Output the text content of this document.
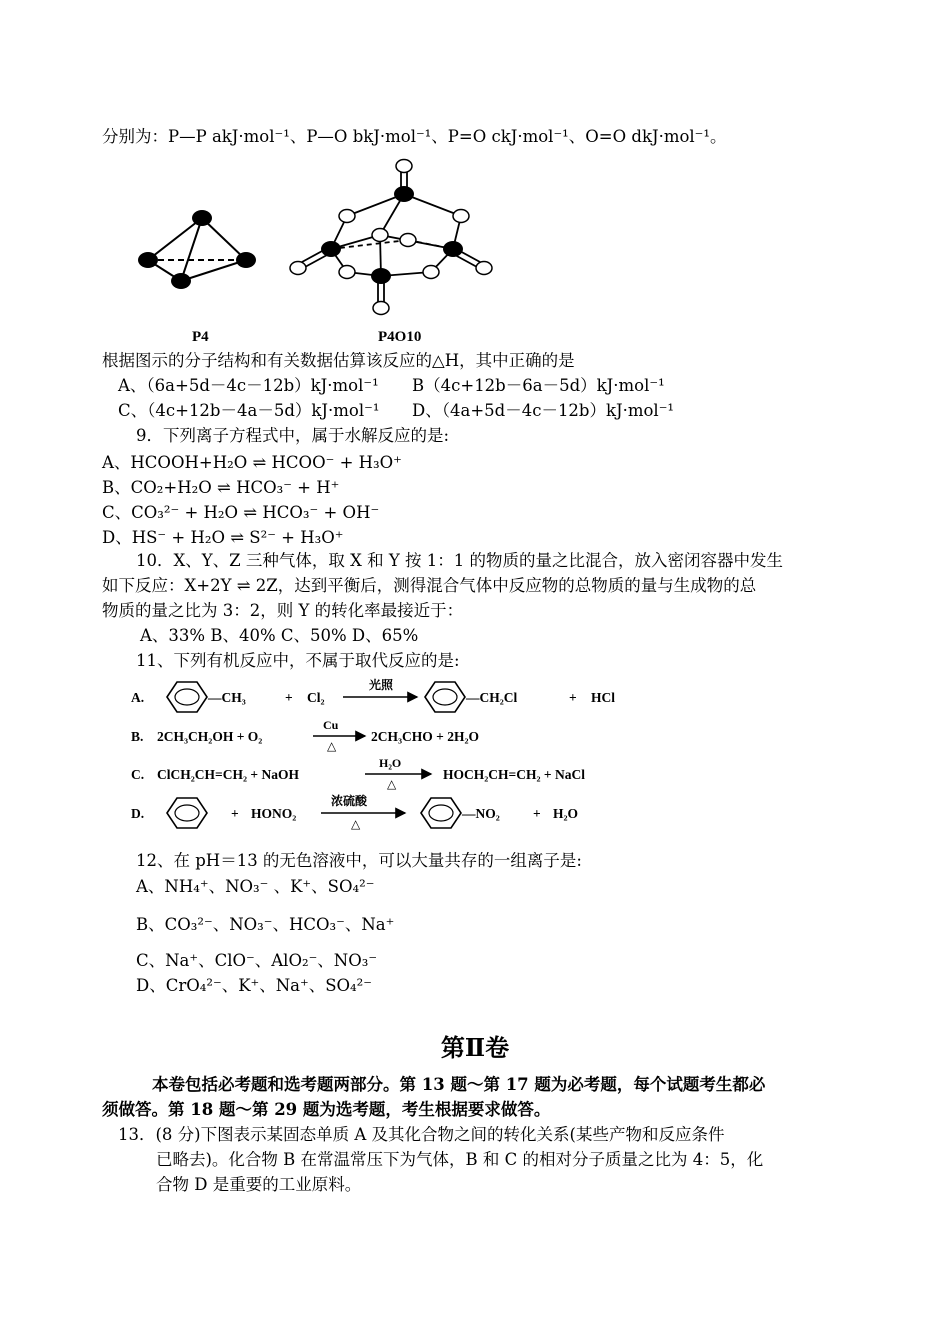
分别为：P—P akJ·mol⁻¹、P—O bkJ·mol⁻¹、P=O ckJ·mol⁻¹、O=O dkJ·mol⁻¹。
P4	P4O10
根据图示的分子结构和有关数据估算该反应的△H，其中正确的是
A、（6a+5d－4c－12b）kJ·mol⁻¹ B（4c+12b－6a－5d）kJ·mol⁻¹
C、（4c+12b－4a－5d）kJ·mol⁻¹ D、（4a+5d－4c－12b）kJ·mol⁻¹
9．下列离子方程式中，属于水解反应的是:
A、HCOOH+H₂O ⇌ HCOO⁻ + H₃O⁺
B、CO₂+H₂O ⇌ HCO₃⁻ + H⁺
C、CO₃²⁻ + H₂O ⇌ HCO₃⁻ + OH⁻
D、HS⁻ + H₂O ⇌ S²⁻ + H₃O⁺
10．X、Y、Z 三种气体，取 X 和 Y 按 1：1 的物质的量之比混合，放入密闭容器中发生
如下反应：X+2Y ⇌ 2Z，达到平衡后，测得混合气体中反应物的总物质的量与生成物的总
物质的量之比为 3：2，则 Y 的转化率最接近于：
A、33% B、40% C、50% D、65%
11、下列有机反应中，不属于取代反应的是:
A.	—CH₃	+ Cl₂
光照
—CH₂Cl	+ HCl
B. 2CH₃CH₂OH + O₂
Cu
△
2CH₃CHO + 2H₂O
C. ClCH₂CH=CH₂ + NaOH
H₂O
△
HOCH₂CH=CH₂ + NaCl
D.	+ HONO₂
浓硫酸
△
—NO₂ + H₂O
12、在 pH＝13 的无色溶液中，可以大量共存的一组离子是:
A、NH₄⁺、NO₃⁻ 、K⁺、SO₄²⁻
B、CO₃²⁻、NO₃⁻、HCO₃⁻、Na⁺
C、Na⁺、ClO⁻、AlO₂⁻、NO₃⁻
D、CrO₄²⁻、K⁺、Na⁺、SO₄²⁻
第Ⅱ卷
本卷包括必考题和选考题两部分。第 13 题～第 17 题为必考题，每个试题考生都必
须做答。第 18 题～第 29 题为选考题，考生根据要求做答。
13．(8 分)下图表示某固态单质 A 及其化合物之间的转化关系(某些产物和反应条件
已略去)。化合物 B 在常温常压下为气体，B 和 C 的相对分子质量之比为 4：5，化
合物 D 是重要的工业原料。
